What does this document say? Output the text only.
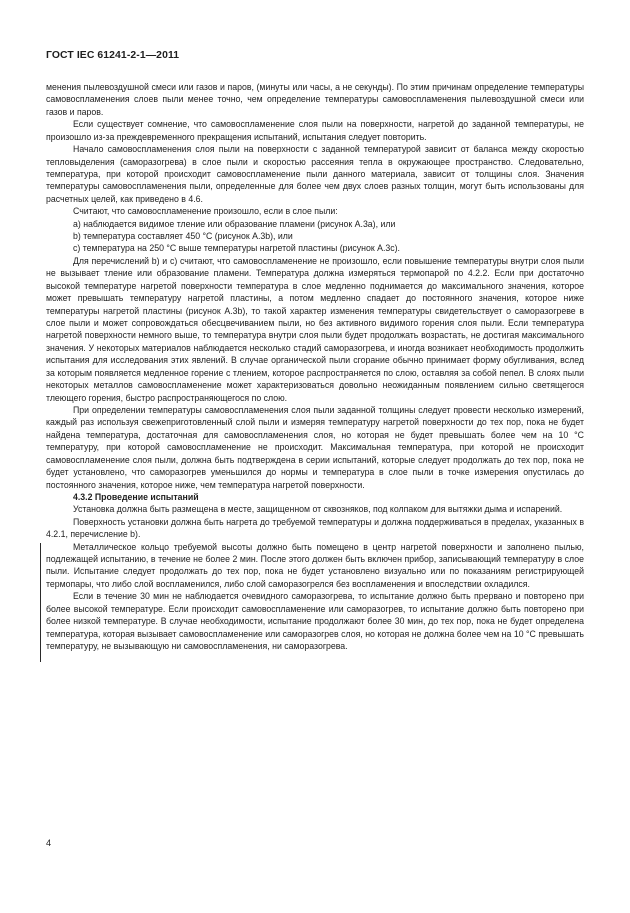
ГОСТ IEC 61241-2-1—2011

менения пылевоздушной смеси или газов и паров, (минуты или часы, а не секунды). По этим причинам определение температуры самовоспламенения слоев пыли менее точно, чем определение температуры самовоспламенения пылевоздушной смеси или газов и паров.

Если существует сомнение, что самовоспламенение слоя пыли на поверхности, нагретой до заданной температуры, не произошло из-за преждевременного прекращения испытаний, испытания следует повторить.

Начало самовоспламенения слоя пыли на поверхности с заданной температурой зависит от баланса между скоростью тепловыделения (саморазогрева) в слое пыли и скоростью рассеяния тепла в окружающее пространство. Следовательно, температура, при которой происходит самовоспламенение пыли данного материала, зависит от толщины слоя. Значения температуры самовоспламенения пыли, определенные для более чем двух слоев разных толщин, могут быть использованы для расчетных целей, как приведено в 4.6.

Считают, что самовоспламенение произошло, если в слое пыли:

а) наблюдается видимое тление или образование пламени (рисунок А.3а), или

b) температура составляет 450 °C (рисунок А.3b), или

c) температура на 250 °C выше температуры нагретой пластины (рисунок А.3с).

Для перечислений b) и с) считают, что самовоспламенение не произошло, если повышение температуры внутри слоя пыли не вызывает тление или образование пламени. Температура должна измеряться термопарой по 4.2.2. Если при достаточно высокой температуре нагретой поверхности температура в слое медленно поднимается до максимального значения, которое может превышать температуру нагретой пластины, а потом медленно спадает до постоянного значения, которое ниже температуры нагретой пластины (рисунок А.3b), то такой характер изменения температуры свидетельствует о саморазогреве в слое пыли и может сопровождаться обесцвечиванием пыли, но без активного видимого горения слоя пыли. Если температура нагретой поверхности немного выше, то температура внутри слоя пыли будет продолжать возрастать, не достигая максимального значения. У некоторых материалов наблюдается несколько стадий саморазогрева, и иногда возникает необходимость продолжить испытания для исследования этих явлений. В случае органической пыли сгорание обычно принимает форму обугливания, вслед за которым появляется медленное горение с тлением, которое распространяется по слою, оставляя за собой пепел. В слоях пыли некоторых металлов самовоспламенение может характеризоваться довольно неожиданным появлением сильно светящегося тлеющего горения, быстро распространяющегося по слою.

При определении температуры самовоспламенения слоя пыли заданной толщины следует провести несколько измерений, каждый раз используя свежеприготовленный слой пыли и измеряя температуру нагретой поверхности до тех пор, пока не будет найдена температура, достаточная для самовоспламенения слоя, но которая не будет превышать более чем на 10 °C температуру, при которой самовоспламенение не происходит. Максимальная температура, при которой не происходит самовоспламенение слоя пыли, должна быть подтверждена в серии испытаний, которые следует продолжать до тех пор, пока не будет установлено, что саморазогрев уменьшился до нормы и температура в слое пыли в точке измерения опустилась до постоянного значения, которое ниже, чем температура нагретой поверхности.

4.3.2 Проведение испытаний

Установка должна быть размещена в месте, защищенном от сквозняков, под колпаком для вытяжки дыма и испарений.

Поверхность установки должна быть нагрета до требуемой температуры и должна поддерживаться в пределах, указанных в 4.2.1, перечисление b).

Металлическое кольцо требуемой высоты должно быть помещено в центр нагретой поверхности и заполнено пылью, подлежащей испытанию, в течение не более 2 мин. После этого должен быть включен прибор, записывающий температуру в слое пыли. Испытание следует продолжать до тех пор, пока не будет установлено визуально или по показаниям регистрирующей термопары, что либо слой воспламенился, либо слой саморазогрелся без воспламенения и впоследствии охладился.

Если в течение 30 мин не наблюдается очевидного саморазогрева, то испытание должно быть прервано и повторено при более высокой температуре. Если происходит самовоспламенение или саморазогрев, то испытание должно быть повторено при более низкой температуре. В случае необходимости, испытание продолжают более 30 мин, до тех пор, пока не будет определена температура, которая вызывает самовоспламенение или саморазогрев слоя, но которая не должна более чем на 10 °C превышать температуру, не вызывающую ни самовоспламенения, ни саморазогрева.

4
